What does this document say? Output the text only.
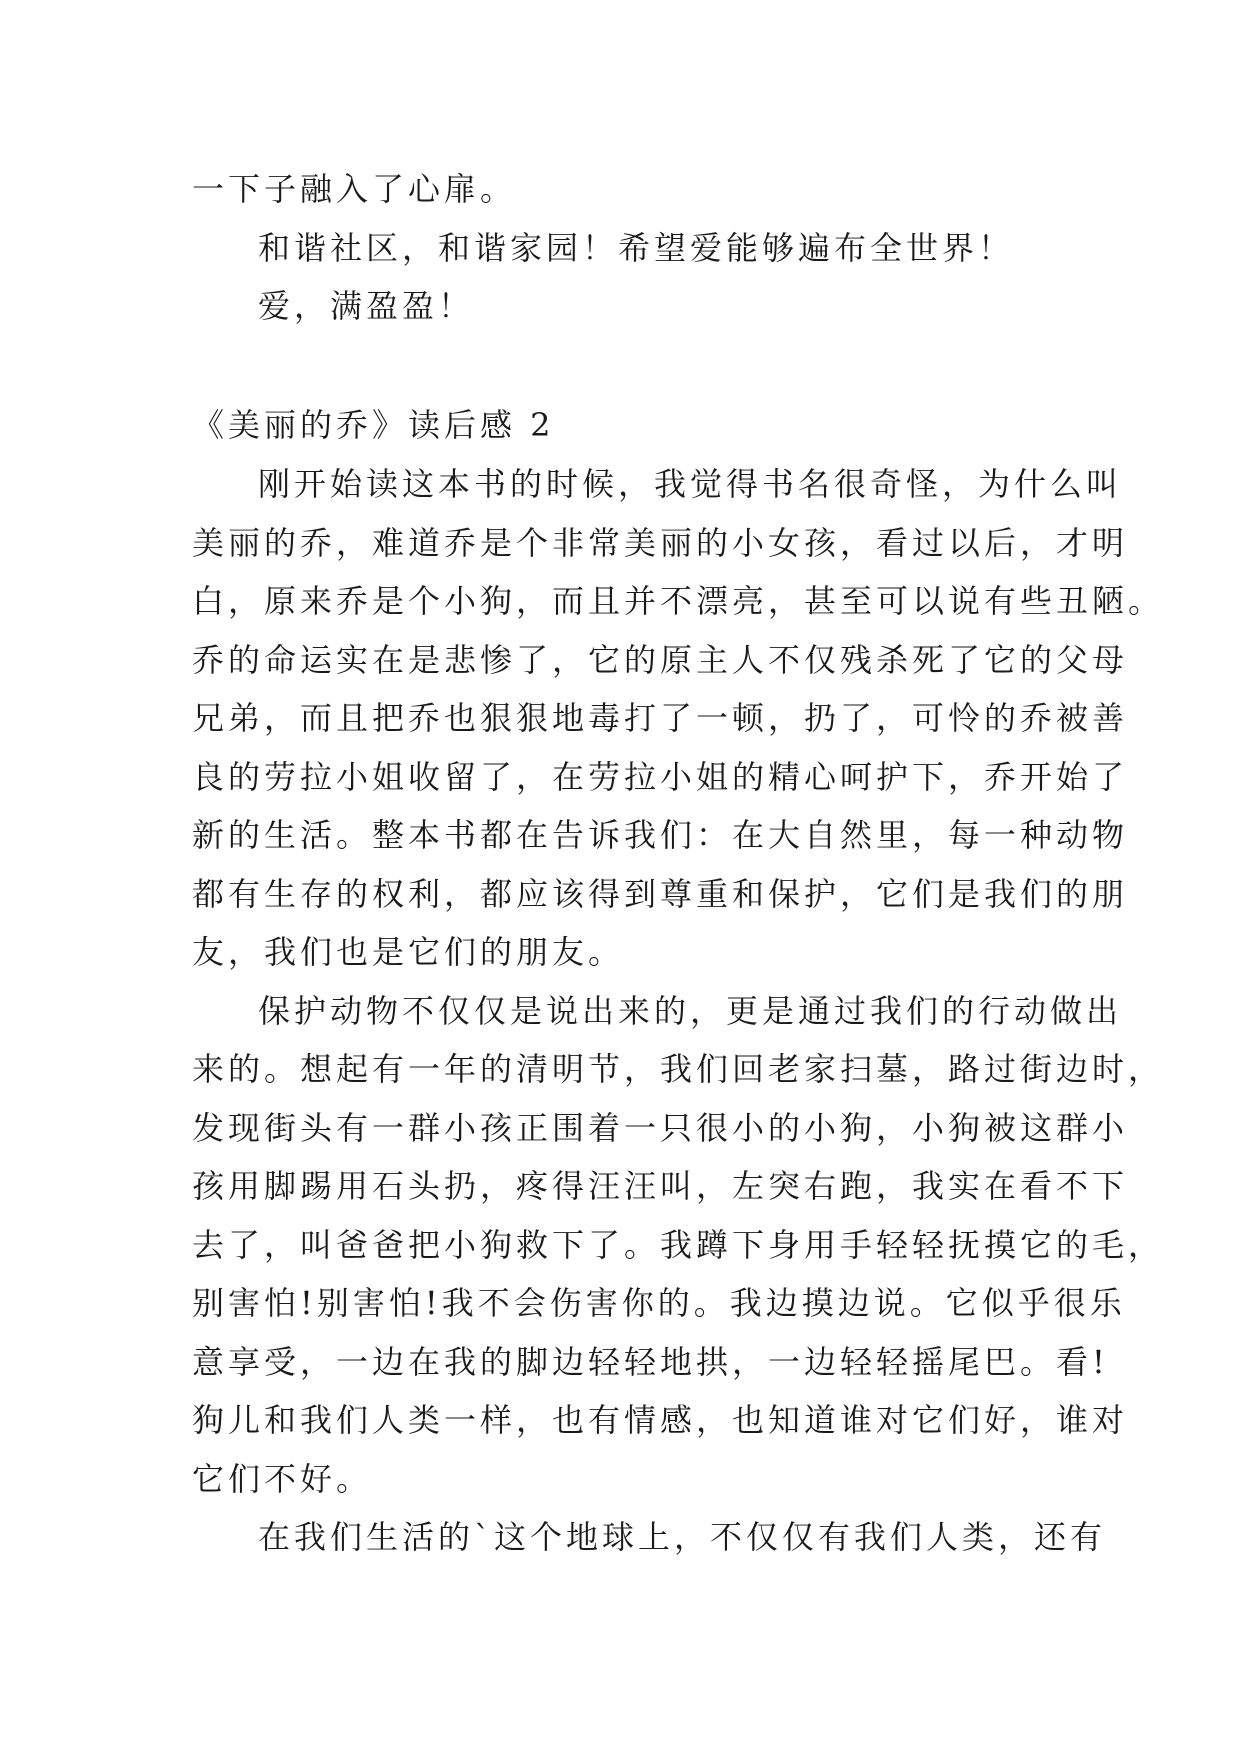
一下子融入了心扉。
和谐社区，和谐家园！希望爱能够遍布全世界！
爱，满盈盈！
《美丽的乔》读后感 2
刚开始读这本书的时候，我觉得书名很奇怪，为什么叫
美丽的乔，难道乔是个非常美丽的小女孩，看过以后，才明
白，原来乔是个小狗，而且并不漂亮，甚至可以说有些丑陋。
乔的命运实在是悲惨了，它的原主人不仅残杀死了它的父母
兄弟，而且把乔也狠狠地毒打了一顿，扔了，可怜的乔被善
良的劳拉小姐收留了，在劳拉小姐的精心呵护下，乔开始了
新的生活。整本书都在告诉我们：在大自然里，每一种动物
都有生存的权利，都应该得到尊重和保护，它们是我们的朋
友，我们也是它们的朋友。
保护动物不仅仅是说出来的，更是通过我们的行动做出
来的。想起有一年的清明节，我们回老家扫墓，路过街边时，
发现街头有一群小孩正围着一只很小的小狗，小狗被这群小
孩用脚踢用石头扔，疼得汪汪叫，左突右跑，我实在看不下
去了，叫爸爸把小狗救下了。我蹲下身用手轻轻抚摸它的毛，
别害怕!别害怕!我不会伤害你的。我边摸边说。它似乎很乐
意享受，一边在我的脚边轻轻地拱，一边轻轻摇尾巴。看!
狗儿和我们人类一样，也有情感，也知道谁对它们好，谁对
它们不好。
在我们生活的`这个地球上，不仅仅有我们人类，还有
